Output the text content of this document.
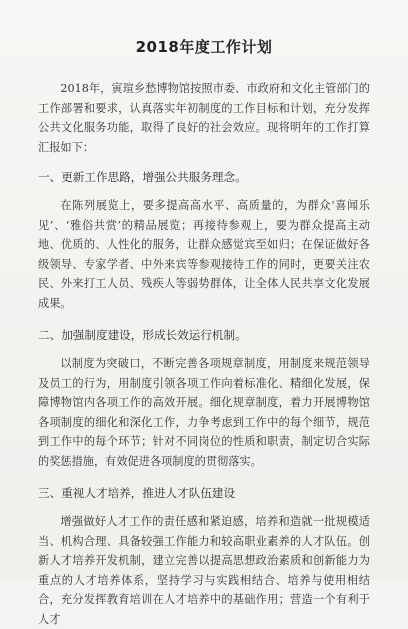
2018年度工作计划

2018年，寅瑄乡愁博物馆按照市委、市政府和文化主管部门的工作部署和要求，认真落实年初制度的工作目标和计划，充分发挥公共文化服务功能，取得了良好的社会效应。现将明年的工作打算汇报如下：

一、更新工作思路，增强公共服务理念。

在陈列展览上，要多提高高水平、高质量的，为群众‘喜闻乐见’、‘雅俗共赏’的精品展览；再接待参观上，要为群众提高主动地、优质的、人性化的服务，让群众感觉宾至如归；在保证做好各级领导、专家学者、中外来宾等参观接待工作的同时，更要关注农民、外来打工人员、残疾人等弱势群体，让全体人民共享文化发展成果。

二、加强制度建设，形成长效运行机制。

以制度为突破口，不断完善各项规章制度，用制度来规范领导及员工的行为，用制度引领各项工作向着标准化、精细化发展，保障博物馆内各项工作的高效开展。细化规章制度，着力开展博物馆各项制度的细化和深化工作，力争考虑到工作中的每个细节，规范到工作中的每个环节；针对不同岗位的性质和职责，制定切合实际的奖惩措施，有效促进各项制度的贯彻落实。

三、重视人才培养，推进人才队伍建设

增强做好人才工作的责任感和紧迫感，培养和造就一批规模适当、机构合理、具备较强工作能力和较高职业素养的人才队伍。创新人才培养开发机制，建立完善以提高思想政治素质和创新能力为重点的人才培养体系，坚持学习与实践相结合、培养与使用相结合，充分发挥教育培训在人才培养中的基础作用；营造一个有利于人才
